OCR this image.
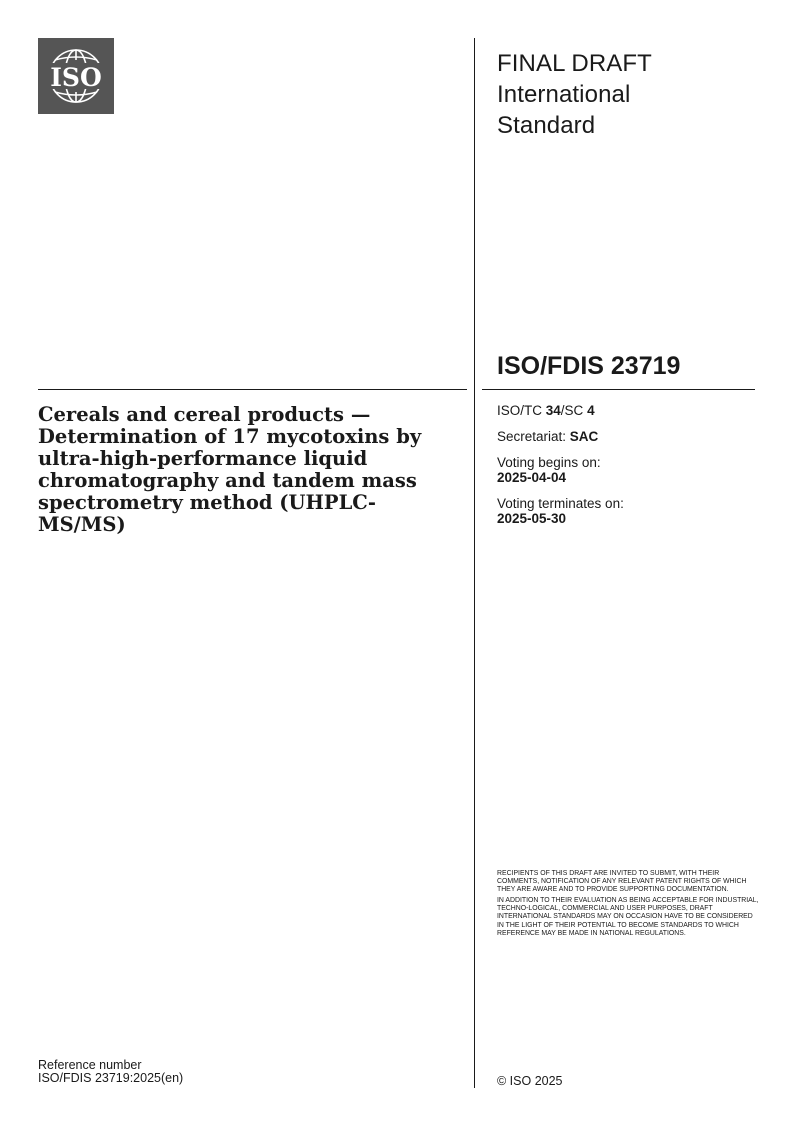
ISO	FINAL DRAFT
International
Standard
ISO/FDIS 23719
Cereals and cereal products — Determination of 17 mycotoxins by ultra-high-performance liquid chromatography and tandem mass spectrometry method (UHPLC-MS/MS)
ISO/TC 34/SC 4
Secretariat: SAC
Voting begins on:
2025-04-04
Voting terminates on:
2025-05-30

RECIPIENTS OF THIS DRAFT ARE INVITED TO SUBMIT, WITH THEIR COMMENTS, NOTIFICATION OF ANY RELEVANT PATENT RIGHTS OF WHICH THEY ARE AWARE AND TO PROVIDE SUPPORTING DOCUMENTATION.

IN ADDITION TO THEIR EVALUATION AS BEING ACCEPTABLE FOR INDUSTRIAL, TECHNO-LOGICAL, COMMERCIAL AND USER PURPOSES, DRAFT INTERNATIONAL STANDARDS MAY ON OCCASION HAVE TO BE CONSIDERED IN THE LIGHT OF THEIR POTENTIAL TO BECOME STANDARDS TO WHICH REFERENCE MAY BE MADE IN NATIONAL REGULATIONS.

Reference number
ISO/FDIS 23719:2025(en)	© ISO 2025
